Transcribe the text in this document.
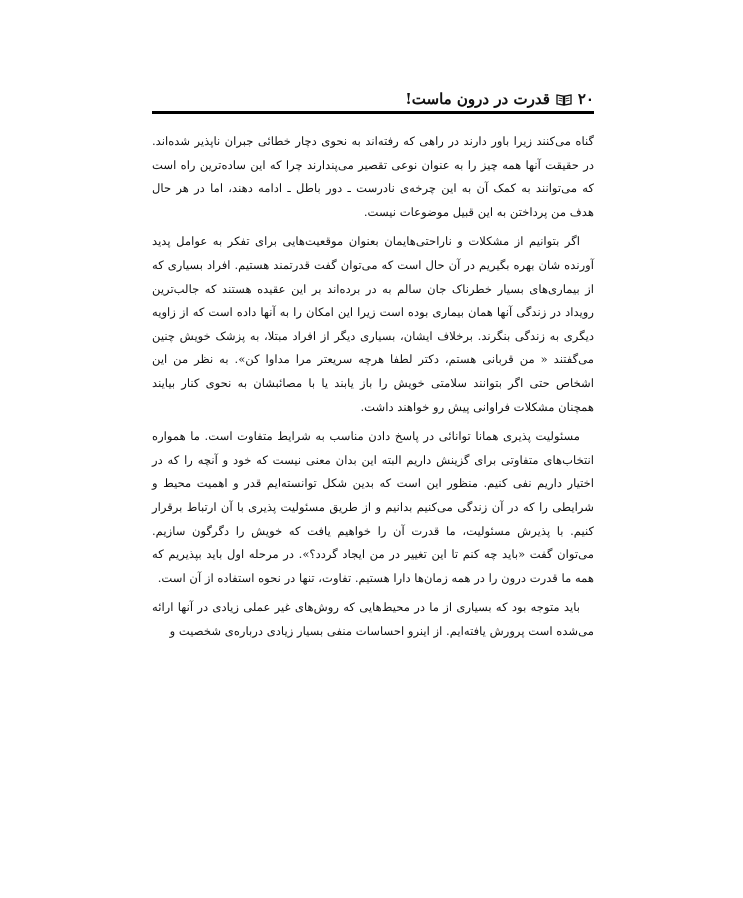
۲۰
قدرت در درون ماست!

گناه می‌کنند زیرا باور دارند در راهی که رفته‌اند به نحوی دچار خطائی جبران ناپذیر شده‌اند. در حقیقت آنها همه چیز را به عنوان نوعی تقصیر می‌پندارند چرا که این ساده‌ترین راه است که می‌توانند به کمک آن به این چرخه‌ی نادرست ـ دور باطل ـ ادامه دهند، اما در هر حال هدف من پرداختن به این قبیل موضوعات نیست.

اگر بتوانیم از مشکلات و ناراحتی‌هایمان بعنوان موقعیت‌هایی برای تفکر به عوامل پدید آورنده شان بهره بگیریم در آن حال است که می‌توان گفت قدرتمند هستیم. افراد بسیاری که از بیماری‌های بسیار خطرناک جان سالم به در برده‌اند بر این عقیده هستند که جالب‌ترین رویداد در زندگی آنها همان بیماری بوده است زیرا این امکان را به آنها داده است که از زاویه دیگری به زندگی بنگرند. برخلاف ایشان، بسیاری دیگر از افراد مبتلا، به پزشک خویش چنین می‌گفتند « من قربانی هستم، دکتر لطفا هرچه سریعتر مرا مداوا کن». به نظر من این اشخاص حتی اگر بتوانند سلامتی خویش را باز یابند یا با مصائبشان به نحوی کنار بیایند همچنان مشکلات فراوانی پیش رو خواهند داشت.

مسئولیت پذیری همانا توانائی در پاسخ دادن مناسب به شرایط متفاوت است. ما همواره انتخاب‌های متفاوتی برای گزینش داریم البته این بدان معنی نیست که خود و آنچه را که در اختیار داریم نفی کنیم. منظور این است که بدین شکل توانسته‌ایم قدر و اهمیت محیط و شرایطی را که در آن زندگی می‌کنیم بدانیم و از طریق مسئولیت پذیری با آن ارتباط برقرار کنیم. با پذیرش مسئولیت، ما قدرت آن را خواهیم یافت که خویش را دگرگون سازیم. می‌توان گفت «باید چه کنم تا این تغییر در من ایجاد گردد؟». در مرحله اول باید بپذیریم که همه ما قدرت درون را در همه زمان‌ها دارا هستیم. تفاوت، تنها در نحوه استفاده از آن است.

باید متوجه بود که بسیاری از ما در محیط‌هایی که روش‌های غیر عملی زیادی در آنها ارائه می‌شده است پرورش یافته‌ایم. از اینرو احساسات منفی بسیار زیادی درباره‌ی شخصیت و
